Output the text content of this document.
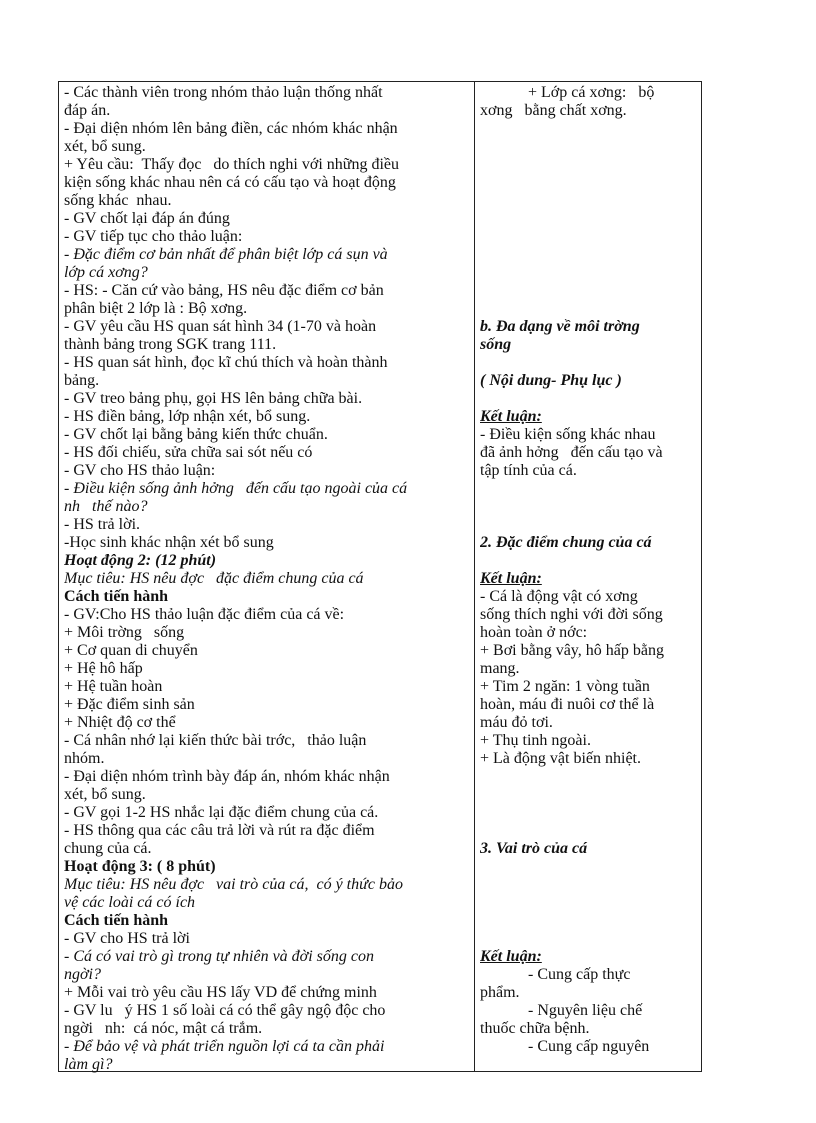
- Các thành viên trong nhóm thảo luận thống nhất
đáp án.
- Đại diện nhóm lên bảng điền, các nhóm khác nhận
xét, bổ sung.
+ Yêu cầu:  Thấy đọc   do thích nghi với những điều
kiện sống khác nhau nên cá có cấu tạo và hoạt động
sống khác  nhau.
- GV chốt lại đáp án đúng
- GV tiếp tục cho thảo luận:
- Đặc điểm cơ bản nhất để phân biệt lớp cá sụn và
lớp cá xơng?
- HS: - Căn cứ vào bảng, HS nêu đặc điểm cơ bản
phân biệt 2 lớp là : Bộ xơng.
- GV yêu cầu HS quan sát hình 34 (1-70 và hoàn
thành bảng trong SGK trang 111.
- HS quan sát hình, đọc kĩ chú thích và hoàn thành
bảng.
- GV treo bảng phụ, gọi HS lên bảng chữa bài.
- HS điền bảng, lớp nhận xét, bổ sung.
- GV chốt lại bằng bảng kiến thức chuẩn.
- HS đối chiếu, sửa chữa sai sót nếu có
- GV cho HS thảo luận:
- Điều kiện sống ảnh hởng   đến cấu tạo ngoài của cá
nh   thế nào?
- HS trả lời.
-Học sinh khác nhận xét bổ sung
Hoạt động 2: (12 phút)
Mục tiêu: HS nêu đợc   đặc điểm chung của cá
Cách tiến hành
- GV:Cho HS thảo luận đặc điểm của cá về:
+ Môi trờng   sống
+ Cơ quan di chuyển
+ Hệ hô hấp
+ Hệ tuần hoàn
+ Đặc điểm sinh sản
+ Nhiệt độ cơ thể
- Cá nhân nhớ lại kiến thức bài trớc,   thảo luận
nhóm.
- Đại diện nhóm trình bày đáp án, nhóm khác nhận
xét, bổ sung.
- GV gọi 1-2 HS nhắc lại đặc điểm chung của cá.
- HS thông qua các câu trả lời và rút ra đặc điểm
chung của cá.
Hoạt động 3: ( 8 phút)
Mục tiêu: HS nêu đợc   vai trò của cá,  có ý thức bảo
vệ các loài cá có ích
Cách tiến hành
- GV cho HS trả lời
- Cá có vai trò gì trong tự nhiên và đời sống con
ngời?
+ Mỗi vai trò yêu cầu HS lấy VD để chứng minh
- GV lu   ý HS 1 số loài cá có thể gây ngộ độc cho
ngời   nh:  cá nóc, mật cá trắm.
- Để bảo vệ và phát triển nguồn lợi cá ta cần phải
làm gì?
+ Lớp cá xơng:   bộ
xơng   bằng chất xơng.
b. Đa dạng về môi trờng
sống
( Nội dung- Phụ lục )
Kết luận:
- Điều kiện sống khác nhau
đã ảnh hởng   đến cấu tạo và
tập tính của cá.
2. Đặc điểm chung của cá
Kết luận:
- Cá là động vật có xơng
sống thích nghi với đời sống
hoàn toàn ở nớc:
+ Bơi bằng vây, hô hấp bằng
mang.
+ Tim 2 ngăn: 1 vòng tuần
hoàn, máu đi nuôi cơ thể là
máu đỏ tơi.
+ Thụ tinh ngoài.
+ Là động vật biến nhiệt.
3. Vai trò của cá
Kết luận:
- Cung cấp thực
phẩm.
- Nguyên liệu chế
thuốc chữa bệnh.
- Cung cấp nguyên
